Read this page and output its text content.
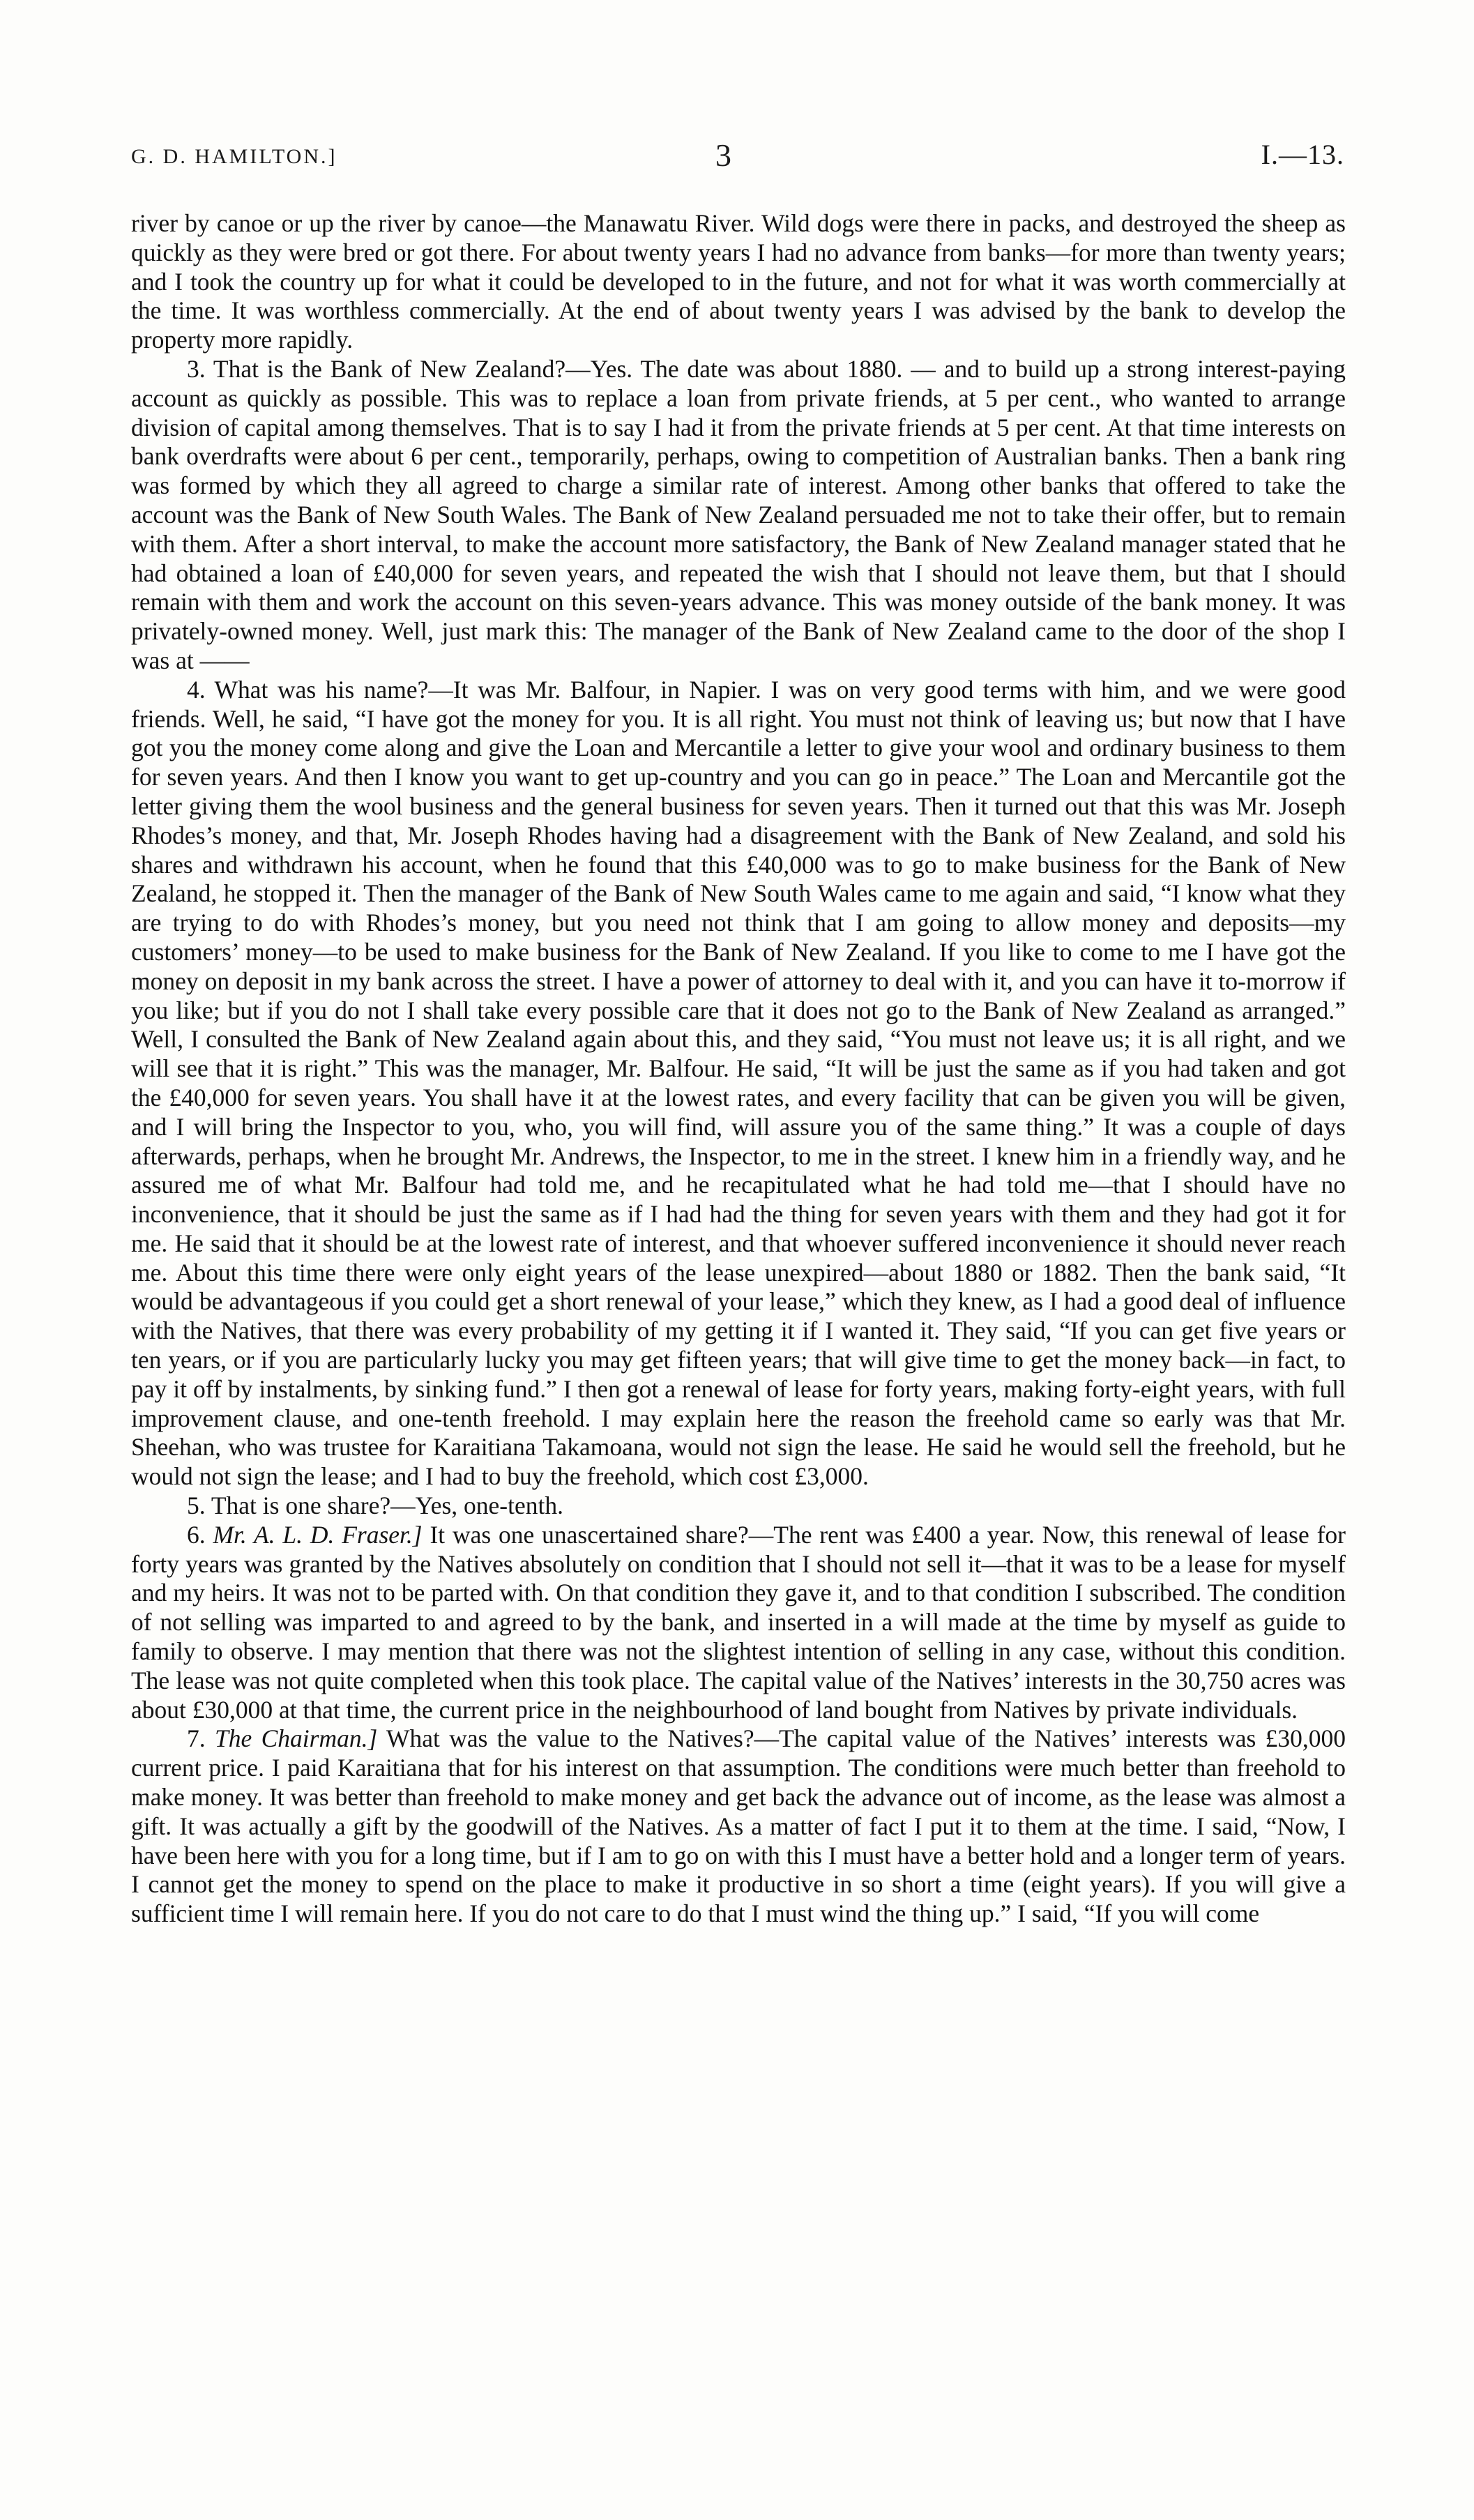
G. D. HAMILTON.]	3	I.—13.

river by canoe or up the river by canoe—the Manawatu River. Wild dogs were there in packs, and destroyed the sheep as quickly as they were bred or got there. For about twenty years I had no advance from banks—for more than twenty years; and I took the country up for what it could be developed to in the future, and not for what it was worth commercially at the time. It was worthless commercially. At the end of about twenty years I was advised by the bank to develop the property more rapidly.

3. That is the Bank of New Zealand?—Yes. The date was about 1880. — and to build up a strong interest-paying account as quickly as possible. This was to replace a loan from private friends, at 5 per cent., who wanted to arrange division of capital among themselves. That is to say I had it from the private friends at 5 per cent. At that time interests on bank overdrafts were about 6 per cent., temporarily, perhaps, owing to competition of Australian banks. Then a bank ring was formed by which they all agreed to charge a similar rate of interest. Among other banks that offered to take the account was the Bank of New South Wales. The Bank of New Zealand persuaded me not to take their offer, but to remain with them. After a short interval, to make the account more satisfactory, the Bank of New Zealand manager stated that he had obtained a loan of £40,000 for seven years, and repeated the wish that I should not leave them, but that I should remain with them and work the account on this seven-years advance. This was money outside of the bank money. It was privately-owned money. Well, just mark this: The manager of the Bank of New Zealand came to the door of the shop I was at ——

4. What was his name?—It was Mr. Balfour, in Napier. I was on very good terms with him, and we were good friends. Well, he said, “I have got the money for you. It is all right. You must not think of leaving us; but now that I have got you the money come along and give the Loan and Mercantile a letter to give your wool and ordinary business to them for seven years. And then I know you want to get up-country and you can go in peace.” The Loan and Mercantile got the letter giving them the wool business and the general business for seven years. Then it turned out that this was Mr. Joseph Rhodes’s money, and that, Mr. Joseph Rhodes having had a disagreement with the Bank of New Zealand, and sold his shares and withdrawn his account, when he found that this £40,000 was to go to make business for the Bank of New Zealand, he stopped it. Then the manager of the Bank of New South Wales came to me again and said, “I know what they are trying to do with Rhodes’s money, but you need not think that I am going to allow money and deposits—my customers’ money—to be used to make business for the Bank of New Zealand. If you like to come to me I have got the money on deposit in my bank across the street. I have a power of attorney to deal with it, and you can have it to-morrow if you like; but if you do not I shall take every possible care that it does not go to the Bank of New Zealand as arranged.” Well, I consulted the Bank of New Zealand again about this, and they said, “You must not leave us; it is all right, and we will see that it is right.” This was the manager, Mr. Balfour. He said, “It will be just the same as if you had taken and got the £40,000 for seven years. You shall have it at the lowest rates, and every facility that can be given you will be given, and I will bring the Inspector to you, who, you will find, will assure you of the same thing.” It was a couple of days afterwards, perhaps, when he brought Mr. Andrews, the Inspector, to me in the street. I knew him in a friendly way, and he assured me of what Mr. Balfour had told me, and he recapitulated what he had told me—that I should have no inconvenience, that it should be just the same as if I had had the thing for seven years with them and they had got it for me. He said that it should be at the lowest rate of interest, and that whoever suffered inconvenience it should never reach me. About this time there were only eight years of the lease unexpired—about 1880 or 1882. Then the bank said, “It would be advantageous if you could get a short renewal of your lease,” which they knew, as I had a good deal of influence with the Natives, that there was every probability of my getting it if I wanted it. They said, “If you can get five years or ten years, or if you are particularly lucky you may get fifteen years; that will give time to get the money back—in fact, to pay it off by instalments, by sinking fund.” I then got a renewal of lease for forty years, making forty-eight years, with full improvement clause, and one-tenth freehold. I may explain here the reason the freehold came so early was that Mr. Sheehan, who was trustee for Karaitiana Takamoana, would not sign the lease. He said he would sell the freehold, but he would not sign the lease; and I had to buy the freehold, which cost £3,000.

5. That is one share?—Yes, one-tenth.

6. Mr. A. L. D. Fraser.] It was one unascertained share?—The rent was £400 a year. Now, this renewal of lease for forty years was granted by the Natives absolutely on condition that I should not sell it—that it was to be a lease for myself and my heirs. It was not to be parted with. On that condition they gave it, and to that condition I subscribed. The condition of not selling was imparted to and agreed to by the bank, and inserted in a will made at the time by myself as guide to family to observe. I may mention that there was not the slightest intention of selling in any case, without this condition. The lease was not quite completed when this took place. The capital value of the Natives’ interests in the 30,750 acres was about £30,000 at that time, the current price in the neighbourhood of land bought from Natives by private individuals.

7. The Chairman.] What was the value to the Natives?—The capital value of the Natives’ interests was £30,000 current price. I paid Karaitiana that for his interest on that assumption. The conditions were much better than freehold to make money. It was better than freehold to make money and get back the advance out of income, as the lease was almost a gift. It was actually a gift by the goodwill of the Natives. As a matter of fact I put it to them at the time. I said, “Now, I have been here with you for a long time, but if I am to go on with this I must have a better hold and a longer term of years. I cannot get the money to spend on the place to make it productive in so short a time (eight years). If you will give a sufficient time I will remain here. If you do not care to do that I must wind the thing up.” I said, “If you will come
